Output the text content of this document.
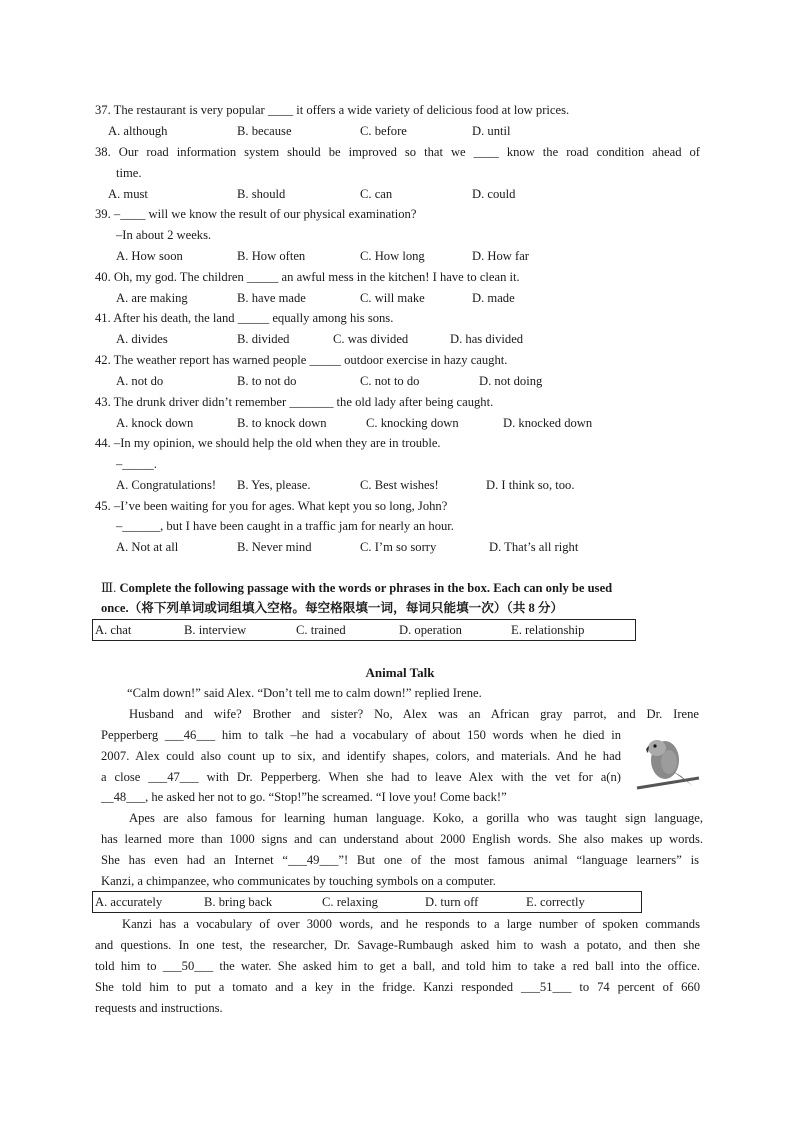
37. The restaurant is very popular ____ it offers a wide variety of delicious food at low prices.
A. although	B. because	C. before	D. until
38. Our road information system should be improved so that we ____ know the road condition ahead of
time.
A. must	B. should	C. can	D. could
39. –____ will we know the result of our physical examination?
–In about 2 weeks.
A. How soon	B. How often	C. How long	D. How far
40. Oh, my god. The children _____ an awful mess in the kitchen! I have to clean it.
A. are making	B. have made	C. will make	D. made
41. After his death, the land _____ equally among his sons.
A. divides	B. divided	C. was divided	D. has divided
42. The weather report has warned people _____ outdoor exercise in hazy caught.
A. not do	B. to not do	C. not to do	D. not doing
43. The drunk driver didn’t remember _______ the old lady after being caught.
A. knock down	B. to knock down	C. knocking down	D. knocked down
44. –In my opinion, we should help the old when they are in trouble.
–_____.
A. Congratulations! B. Yes, please.	C. Best wishes!	D. I think so, too.
45. –I’ve been waiting for you for ages. What kept you so long, John?
–______, but I have been caught in a traffic jam for nearly an hour.
A. Not at all	B. Never mind	C. I’m so sorry	D. That’s all right
Ⅲ. Complete the following passage with the words or phrases in the box. Each can only be used
once.（将下列单词或词组填入空格。每空格限填一词，每词只能填一次）（共 8 分）
A. chat	B. interview	C. trained	D. operation	E. relationship
Animal Talk
“Calm down!” said Alex. “Don’t tell me to calm down!” replied Irene.
Husband and wife? Brother and sister? No, Alex was an African gray parrot, and Dr. Irene
Pepperberg ___46___ him to talk –he had a vocabulary of about 150 words when he died in
2007. Alex could also count up to six, and identify shapes, colors, and materials. And he had
a close ___47___ with Dr. Pepperberg. When she had to leave Alex with the vet for a(n)
__48___, he asked her not to go. “Stop!”he screamed. “I love you! Come back!”
Apes are also famous for learning human language. Koko, a gorilla who was taught sign language,
has learned more than 1000 signs and can understand about 2000 English words. She also makes up words.
She has even had an Internet “___49___”! But one of the most famous animal “language learners” is
Kanzi, a chimpanzee, who communicates by touching symbols on a computer.
A. accurately	B. bring back	C. relaxing	D. turn off	E. correctly
Kanzi has a vocabulary of over 3000 words, and he responds to a large number of spoken commands
and questions. In one test, the researcher, Dr. Savage-Rumbaugh asked him to wash a potato, and then she
told him to ___50___ the water. She asked him to get a ball, and told him to take a red ball into the office.
She told him to put a tomato and a key in the fridge. Kanzi responded ___51___ to 74 percent of 660
requests and instructions.
